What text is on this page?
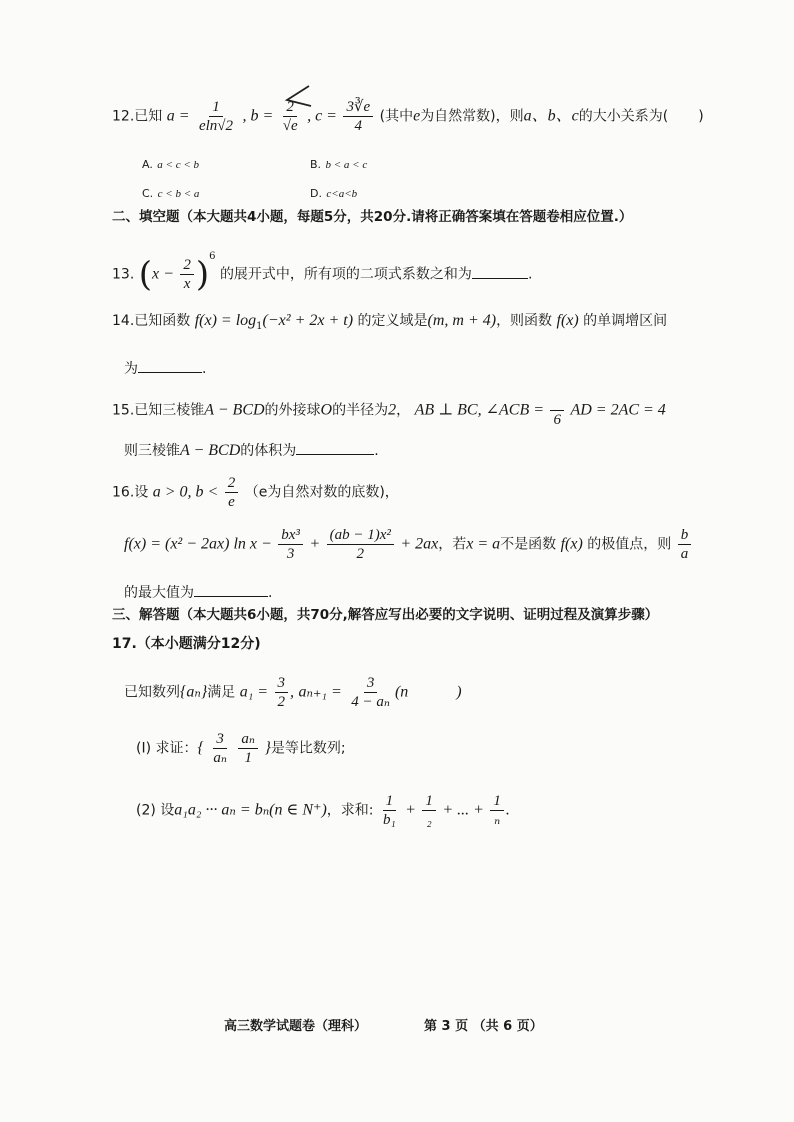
12.已知 $a = \frac{1}{eln√2}$ , $b = \frac{2}{√e}$ , $c = \frac{3∛e}{4}$ (其中e为自然常数)，则a、b、c的大小关系为( )
A. a < c < b	B. b < a < c
C. c < b < a	D. c<a<b
二、填空题（本大题共4小题，每题5分，共20分.请将正确答案填在答题卷相应位置.）
13. $(x - \frac{2}{x} )^6$ 的展开式中，所有项的二项式系数之和为	.
14.已知函数 $f(x) = \log_1(-x^2 + 2x + t)$ 的定义域是(m, m + 4)，则函数 f(x) 的单调增区间
为	.
15.已知三棱锥A − BCD的外接球O的半径为2， AB ⊥ BC, ∠ACB =

6
AD = 2AC = 4
则三棱锥A − BCD的体积为	.
16.设 a > 0, $b < \frac{2}{e} (e$为自然对数的底数)，
f(x) = (x² − 2ax) $\ln x - \frac{\text{bx³}}{3} + \frac{\text{(ab − 1)x²}}{2} + 2ax$，若x = a不是函数 f(x) 的极值点，则 $\frac{b}{a}$
的最大值为	.
三、解答题（本大题共6小题，共70分,解答应写出必要的文字说明、证明过程及演算步骤）
17.（本小题满分12分)
已知数列{aₙ}满足 $a_1 = \frac{3}{2}$ , $a_{n+1} = \frac{3}{\text{4 − aₙ}} (n$	)
(I) 求证：{ $\frac{3}{\text{aₙ}}$
$\frac{\text{aₙ}}{1}$ }是等比数列;
(2) 设a₁a₂ ··· aₙ = bₙ(n ∈ N⁺)，求和: $\frac{1}{\text{b₁}} + \frac{1}{\text{₂}}$ + ... + $\frac{1}{\text{ₙ}}$ .
高三数学试题卷（理科）	第 3 页 （共 6 页）
